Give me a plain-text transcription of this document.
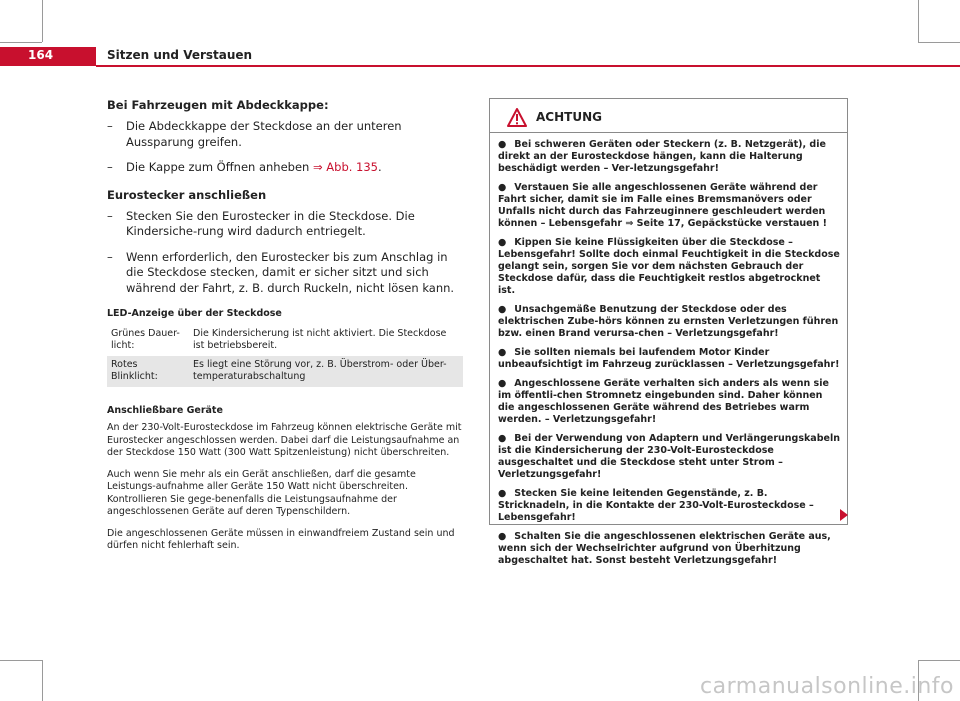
164	Sitzen und Verstauen
Bei Fahrzeugen mit Abdeckkappe:
– Die Abdeckkappe der Steckdose an der unteren Aussparung greifen.
– Die Kappe zum Öffnen anheben ⇒ Abb. 135.
Eurostecker anschließen
– Stecken Sie den Eurostecker in die Steckdose. Die Kindersiche-rung wird dadurch entriegelt.
– Wenn erforderlich, den Eurostecker bis zum Anschlag in die Steckdose stecken, damit er sicher sitzt und sich während der Fahrt, z. B. durch Ruckeln, nicht lösen kann.
LED-Anzeige über der Steckdose
Grünes Dauer-licht:	Die Kindersicherung ist nicht aktiviert. Die Steckdose ist betriebsbereit.
Rotes Blinklicht:	Es liegt eine Störung vor, z. B. Überstrom- oder Über-temperaturabschaltung
Anschließbare Geräte

An der 230-Volt-Eurosteckdose im Fahrzeug können elektrische Geräte mit Eurostecker angeschlossen werden. Dabei darf die Leistungsaufnahme an der Steckdose 150 Watt (300 Watt Spitzenleistung) nicht überschreiten.

Auch wenn Sie mehr als ein Gerät anschließen, darf die gesamte Leistungs-aufnahme aller Geräte 150 Watt nicht überschreiten. Kontrollieren Sie gege-benenfalls die Leistungsaufnahme der angeschlossenen Geräte auf deren Typenschildern.

Die angeschlossenen Geräte müssen in einwandfreiem Zustand sein und dürfen nicht fehlerhaft sein.

ACHTUNG
● Bei schweren Geräten oder Steckern (z. B. Netzgerät), die direkt an der Eurosteckdose hängen, kann die Halterung beschädigt werden – Ver-letzungsgefahr!
● Verstauen Sie alle angeschlossenen Geräte während der Fahrt sicher, damit sie im Falle eines Bremsmanövers oder Unfalls nicht durch das Fahrzeuginnere geschleudert werden können – Lebensgefahr ⇒ Seite 17, Gepäckstücke verstauen !
● Kippen Sie keine Flüssigkeiten über die Steckdose – Lebensgefahr! Sollte doch einmal Feuchtigkeit in die Steckdose gelangt sein, sorgen Sie vor dem nächsten Gebrauch der Steckdose dafür, dass die Feuchtigkeit restlos abgetrocknet ist.
● Unsachgemäße Benutzung der Steckdose oder des elektrischen Zube-hörs können zu ernsten Verletzungen führen bzw. einen Brand verursa-chen – Verletzungsgefahr!
● Sie sollten niemals bei laufendem Motor Kinder unbeaufsichtigt im Fahrzeug zurücklassen – Verletzungsgefahr!
● Angeschlossene Geräte verhalten sich anders als wenn sie im öffentli-chen Stromnetz eingebunden sind. Daher können die angeschlossenen Geräte während des Betriebes warm werden. – Verletzungsgefahr!
● Bei der Verwendung von Adaptern und Verlängerungskabeln ist die Kindersicherung der 230-Volt-Eurosteckdose ausgeschaltet und die Steckdose steht unter Strom – Verletzungsgefahr!
● Stecken Sie keine leitenden Gegenstände, z. B. Stricknadeln, in die Kontakte der 230-Volt-Eurosteckdose – Lebensgefahr!
● Schalten Sie die angeschlossenen elektrischen Geräte aus, wenn sich der Wechselrichter aufgrund von Überhitzung abgeschaltet hat. Sonst besteht Verletzungsgefahr!
carmanualsonline.info
